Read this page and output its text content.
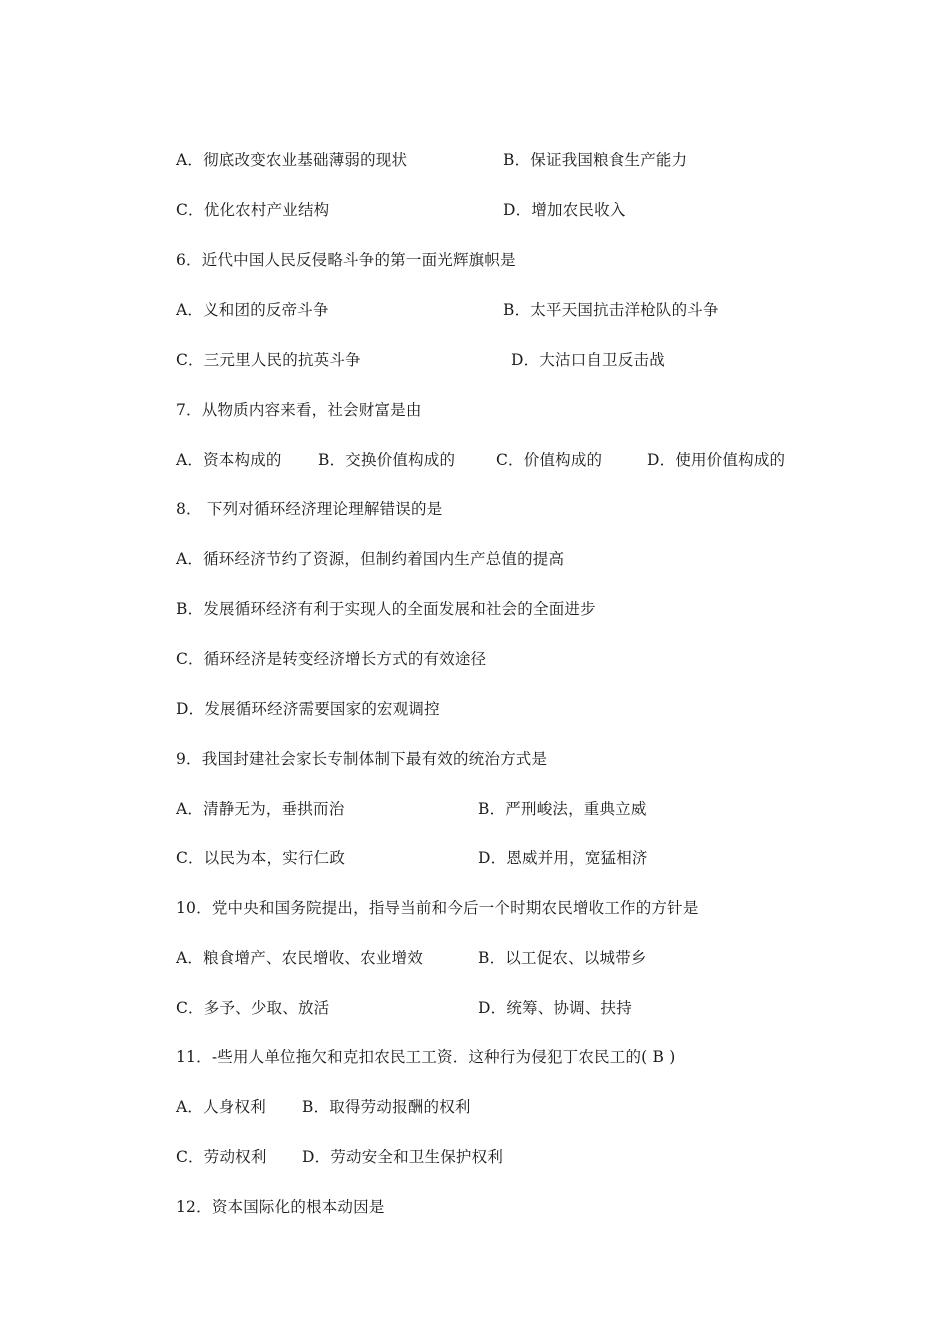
A．彻底改变农业基础薄弱的现状	B．保证我国粮食生产能力
C．优化农村产业结构	D．增加农民收入
6．近代中国人民反侵略斗争的第一面光辉旗帜是
A．义和团的反帝斗争	B．太平天国抗击洋枪队的斗争
C．三元里人民的抗英斗争	D．大沽口自卫反击战
7．从物质内容来看，社会财富是由
A．资本构成的 B．交换价值构成的	C．价值构成的	D．使用价值构成的
8． 下列对循环经济理论理解错误的是
A．循环经济节约了资源，但制约着国内生产总值的提高
B．发展循环经济有利于实现人的全面发展和社会的全面进步
C．循环经济是转变经济增长方式的有效途径
D．发展循环经济需要国家的宏观调控
9．我国封建社会家长专制体制下最有效的统治方式是
A．清静无为，垂拱而治	B．严刑峻法，重典立威
C．以民为本，实行仁政	D．恩威并用，宽猛相济
10．党中央和国务院提出，指导当前和今后一个时期农民增收工作的方针是
A．粮食增产、农民增收、农业增效	B．以工促农、以城带乡
C．多予、少取、放活	D．统筹、协调、扶持
11．-些用人单位拖欠和克扣农民工工资．这种行为侵犯丁农民工的( B )
A．人身权利 B．取得劳动报酬的权利
C．劳动权利 D．劳动安全和卫生保护权利
12．资本国际化的根本动因是
